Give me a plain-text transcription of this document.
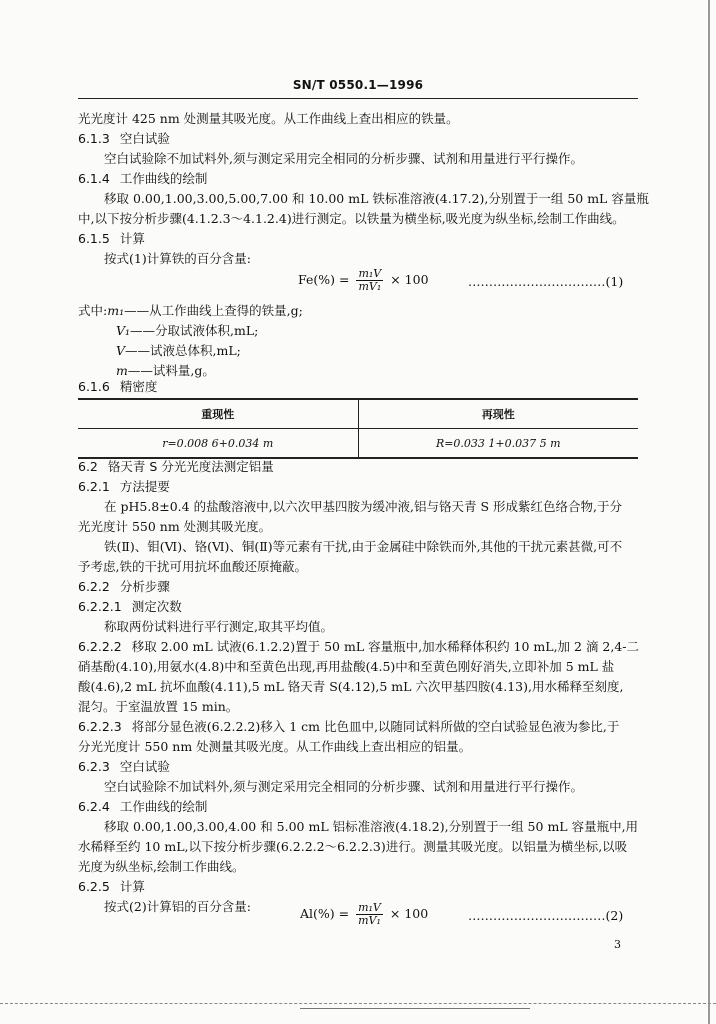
SN/T 0550.1—1996
光光度计 425 nm 处测量其吸光度。从工作曲线上查出相应的铁量。
6.1.3 空白试验
空白试验除不加试料外,须与测定采用完全相同的分析步骤、试剂和用量进行平行操作。
6.1.4 工作曲线的绘制
移取 0.00,1.00,3.00,5.00,7.00 和 10.00 mL 铁标准溶液(4.17.2),分别置于一组 50 mL 容量瓶
中,以下按分析步骤(4.1.2.3～4.1.2.4)进行测定。以铁量为横坐标,吸光度为纵坐标,绘制工作曲线。
6.1.5 计算
按式(1)计算铁的百分含量:
$Fe(\%) = \frac{\text{m₁V}}{\text{mV₁}} \times 100$	……………………………(1)
式中:m₁——从工作曲线上查得的铁量,g;
V₁——分取试液体积,mL;
V——试液总体积,mL;
m——试料量,g。
6.1.6 精密度
重现性	再现性
r=0.008 6+0.034 m	R=0.033 1+0.037 5 m
6.2 铬天青 S 分光光度法测定铝量
6.2.1 方法提要
在 pH5.8±0.4 的盐酸溶液中,以六次甲基四胺为缓冲液,铝与铬天青 S 形成紫红色络合物,于分
光光度计 550 nm 处测其吸光度。
铁(Ⅱ)、钼(Ⅵ)、铬(Ⅵ)、铜(Ⅱ)等元素有干扰,由于金属硅中除铁而外,其他的干扰元素甚微,可不
予考虑,铁的干扰可用抗坏血酸还原掩蔽。
6.2.2 分析步骤
6.2.2.1 测定次数
称取两份试料进行平行测定,取其平均值。
6.2.2.2 移取 2.00 mL 试液(6.1.2.2)置于 50 mL 容量瓶中,加水稀释体积约 10 mL,加 2 滴 2,4-二
硝基酚(4.10),用氨水(4.8)中和至黄色出现,再用盐酸(4.5)中和至黄色刚好消失,立即补加 5 mL 盐
酸(4.6),2 mL 抗坏血酸(4.11),5 mL 铬天青 S(4.12),5 mL 六次甲基四胺(4.13),用水稀释至刻度,
混匀。于室温放置 15 min。
6.2.2.3 将部分显色液(6.2.2.2)移入 1 cm 比色皿中,以随同试料所做的空白试验显色液为参比,于
分光光度计 550 nm 处测量其吸光度。从工作曲线上查出相应的铝量。
6.2.3 空白试验
空白试验除不加试料外,须与测定采用完全相同的分析步骤、试剂和用量进行平行操作。
6.2.4 工作曲线的绘制
移取 0.00,1.00,3.00,4.00 和 5.00 mL 铝标准溶液(4.18.2),分别置于一组 50 mL 容量瓶中,用
水稀释至约 10 mL,以下按分析步骤(6.2.2.2～6.2.2.3)进行。测量其吸光度。以铝量为横坐标,以吸
光度为纵坐标,绘制工作曲线。
6.2.5 计算
按式(2)计算铝的百分含量:	$Al(\%) = \frac{\text{m₁V}}{\text{mV₁}} \times 100$	……………………………(2)
3
